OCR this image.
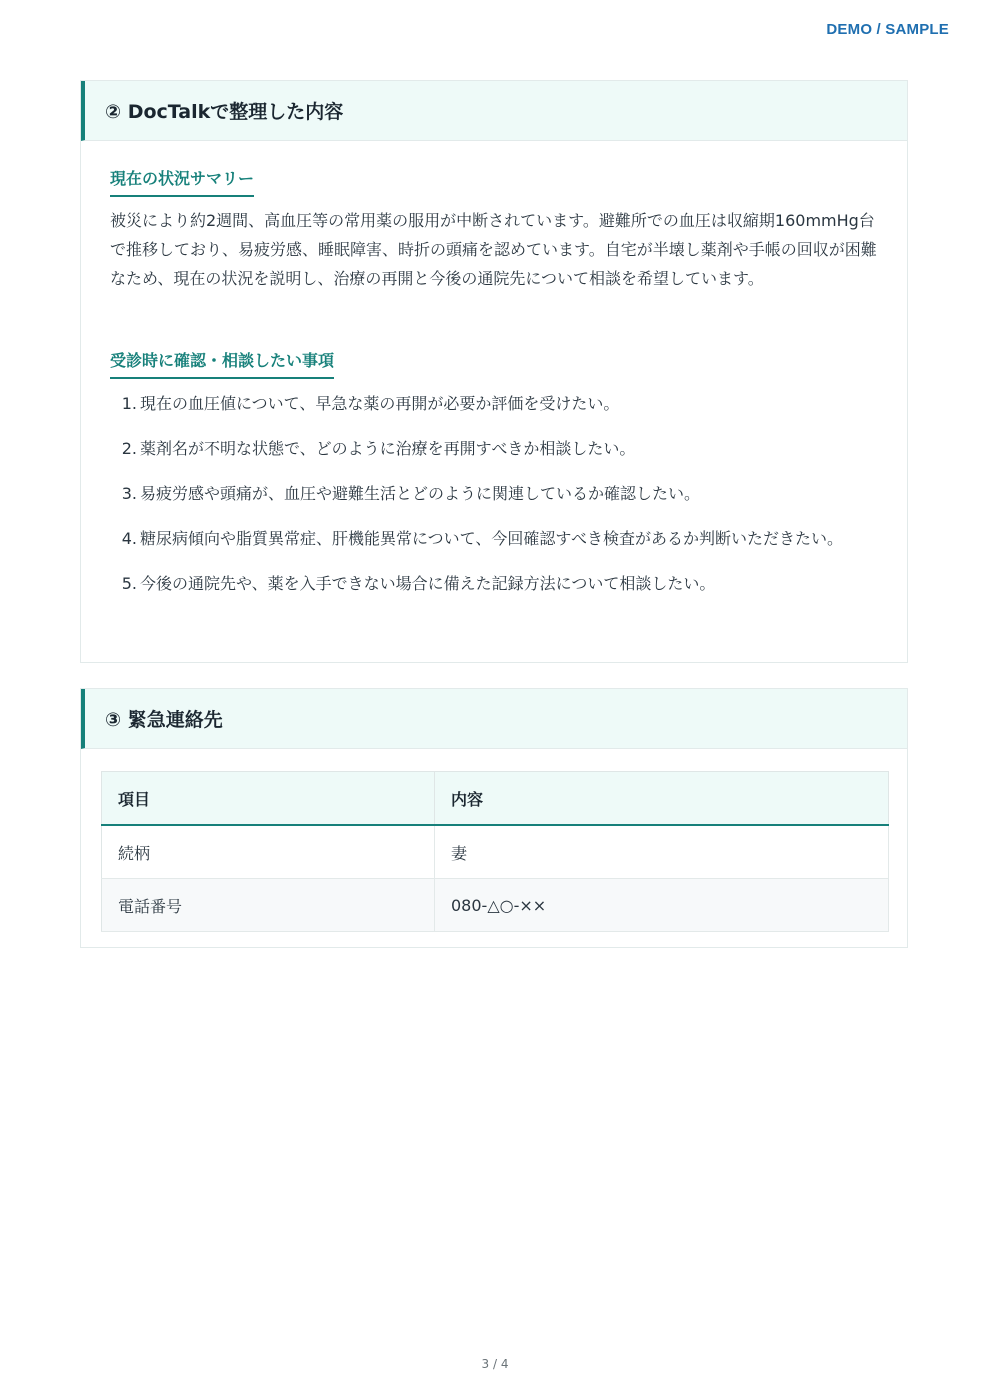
DEMO / SAMPLE
② DocTalkで整理した内容
現在の状況サマリー

被災により約2週間、高血圧等の常用薬の服用が中断されています。避難所での血圧は収縮期160mmHg台で推移しており、易疲労感、睡眠障害、時折の頭痛を認めています。自宅が半壊し薬剤や手帳の回収が困難なため、現在の状況を説明し、治療の再開と今後の通院先について相談を希望しています。

受診時に確認・相談したい事項
1. 現在の血圧値について、早急な薬の再開が必要か評価を受けたい。
2. 薬剤名が不明な状態で、どのように治療を再開すべきか相談したい。
3. 易疲労感や頭痛が、血圧や避難生活とどのように関連しているか確認したい。
4. 糖尿病傾向や脂質異常症、肝機能異常について、今回確認すべき検査があるか判断いただきたい。
5. 今後の通院先や、薬を入手できない場合に備えた記録方法について相談したい。
③ 緊急連絡先
項目	内容
続柄	妻
電話番号	080-△○-××
3 / 4
